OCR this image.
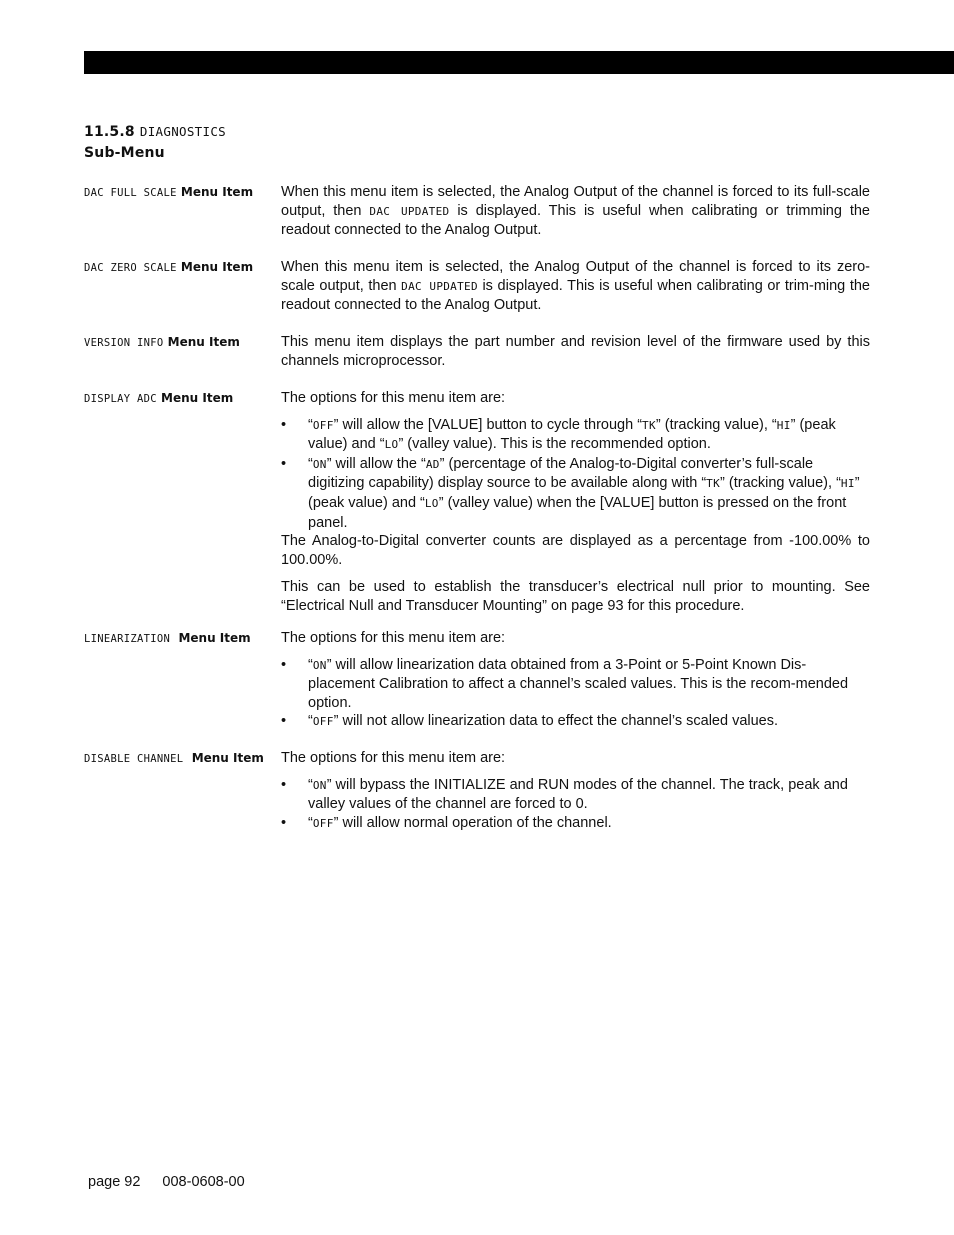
11.5.8 DIAGNOSTICS
Sub-Menu
DAC FULL SCALE Menu Item	When this menu item is selected, the Analog Output of the channel is forced to its full-scale output, then DAC UPDATED is displayed. This is useful when calibrating or trimming the readout connected to the Analog Output.

DAC ZERO SCALE Menu Item	When this menu item is selected, the Analog Output of the channel is forced to its zero-scale output, then DAC UPDATED is displayed. This is useful when calibrating or trim-ming the readout connected to the Analog Output.

VERSION INFO Menu Item	This menu item displays the part number and revision level of the firmware used by this channels microprocessor.

DISPLAY ADC Menu Item	The options for this menu item are:

• “OFF” will allow the [VALUE] button to cycle through “TK” (tracking value), “HI” (peak value) and “LO” (valley value). This is the recommended option.
• “ON” will allow the “AD” (percentage of the Analog-to-Digital converter’s full-scale digitizing capability) display source to be available along with “TK” (tracking value), “HI” (peak value) and “LO” (valley value) when the [VALUE] button is pressed on the front panel.

The Analog-to-Digital converter counts are displayed as a percentage from -100.00% to 100.00%.

This can be used to establish the transducer’s electrical null prior to mounting. See “Electrical Null and Transducer Mounting” on page 93 for this procedure.

LINEARIZATION Menu Item	The options for this menu item are:

• “ON” will allow linearization data obtained from a 3-Point or 5-Point Known Dis-placement Calibration to affect a channel’s scaled values. This is the recom-mended option.
• “OFF” will not allow linearization data to effect the channel’s scaled values.
DISABLE CHANNEL Menu Item	The options for this menu item are:

• “ON” will bypass the INITIALIZE and RUN modes of the channel. The track, peak and valley values of the channel are forced to 0.
• “OFF” will allow normal operation of the channel.
page 92 008-0608-00
